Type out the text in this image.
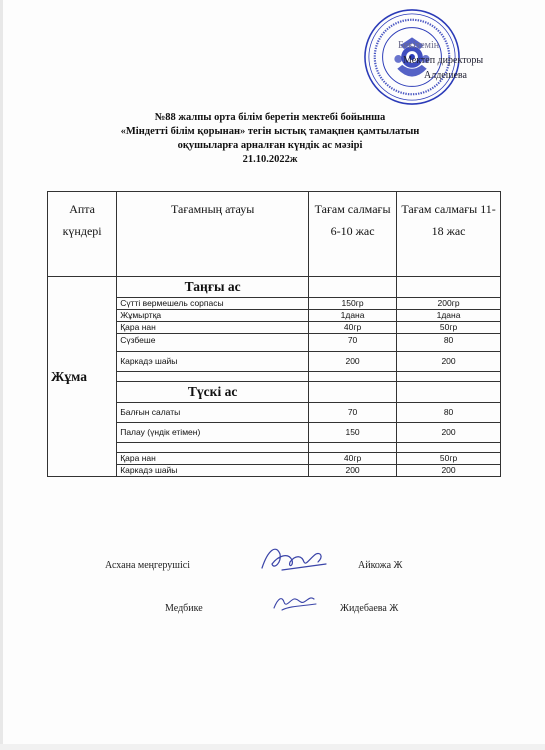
Бекітемін
Мектеп директоры
Алдешева
№88 жалпы орта білім беретін мектебі бойынша
«Міндетті білім қорынан» тегін ыстық тамақпен қамтылатын
оқушыларға арналған күндік ас мәзірі
21.10.2022ж
Апта күндері	Тағамның атауы	Тағам салмағы 6-10 жас	Тағам салмағы 11-18 жас
Жұма	Таңғы ас		
	Сүтті вермешель сорпасы	150гр	200гр
	Жұмыртқа	1дана	1дана
	Қара нан	40гр	50гр
	Сүзбеше	70	80
	Каркадэ шайы	200	200

	Түскі ас		
	Балғын салаты	70	80
	Палау (үндік етімен)	150	200

	Қара нан	40гр	50гр
	Каркадэ шайы	200	200
Асхана меңгерушісі	Айкожа Ж
Медбике	Жидебаева Ж
